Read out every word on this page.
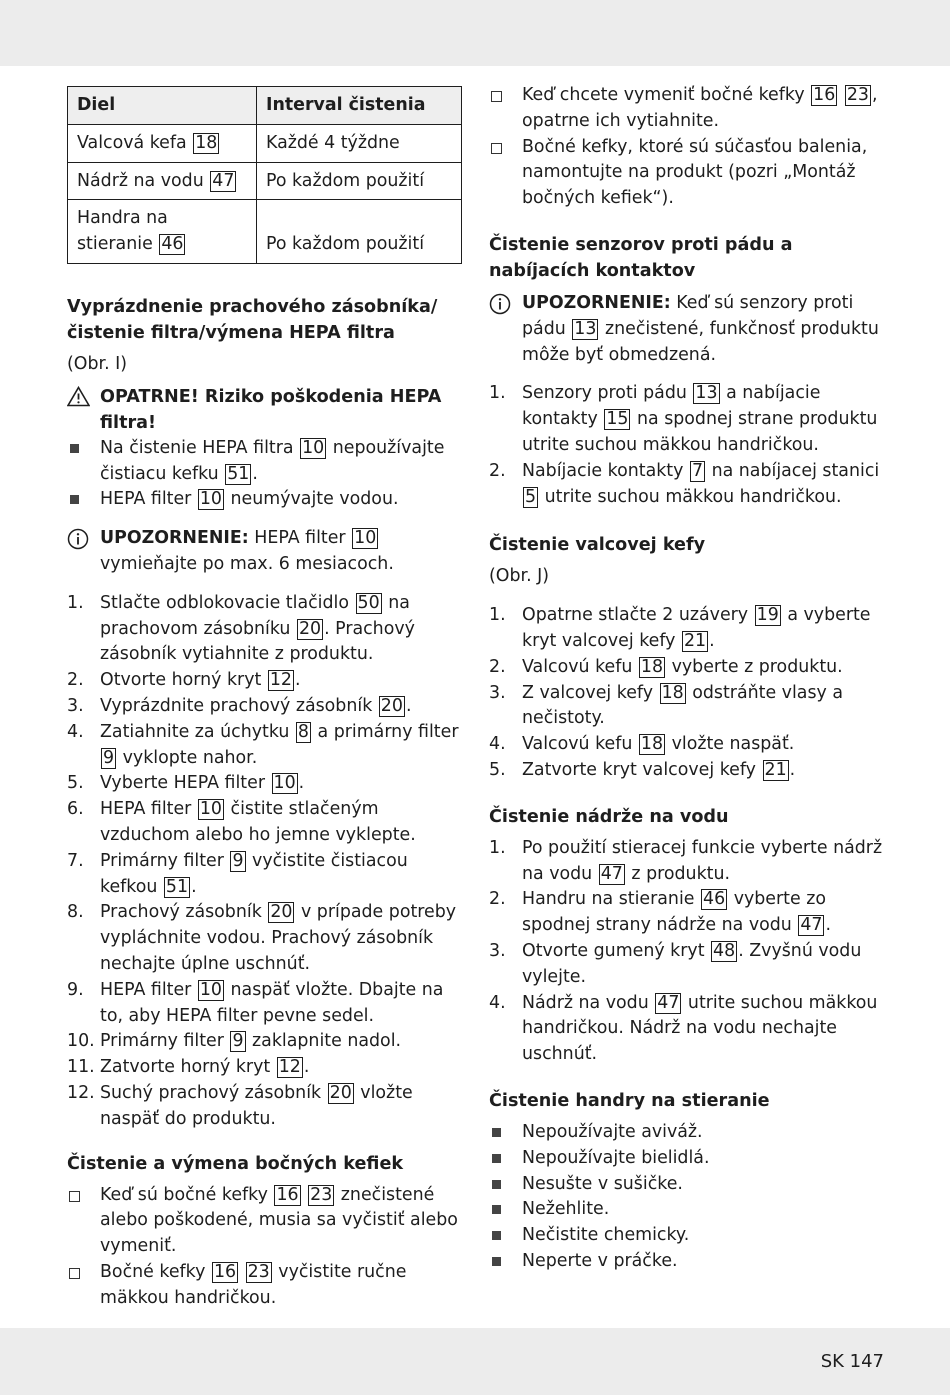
Diel	Interval čistenia
Valcová kefa 18	Každé 4 týždne
Nádrž na vodu 47	Po každom použití
Handra na
stieranie 46	Po každom použití
Vyprázdnenie prachového zásobníka/ čistenie filtra/výmena HEPA filtra

(Obr. I)

OPATRNE! Riziko poškodenia HEPA filtra!
Na čistenie HEPA filtra 10 nepoužívajte čistiacu kefku 51 .
HEPA filter 10 neumývajte vodou.
UPOZORNENIE: HEPA filter 10 vymieňajte po max. 6 mesiacoch.
1. Stlačte odblokovacie tlačidlo 50 na prachovom zásobníku 20 . Prachový zásobník vytiahnite z produktu.
2. Otvorte horný kryt 12 .
3. Vyprázdnite prachový zásobník 20 .
4. Zatiahnite za úchytku 8 a primárny filter 9 vyklopte nahor.
5. Vyberte HEPA filter 10 .
6. HEPA filter 10 čistite stlačeným vzduchom alebo ho jemne vyklepte.
7. Primárny filter 9 vyčistite čistiacou kefkou 51 .
8. Prachový zásobník 20 v prípade potreby vypláchnite vodou. Prachový zásobník nechajte úplne uschnúť.
9. HEPA filter 10 naspäť vložte. Dbajte na to, aby HEPA filter pevne sedel.
10. Primárny filter 9 zaklapnite nadol.
11. Zatvorte horný kryt 12 .
12. Suchý prachový zásobník 20 vložte naspäť do produktu.
Čistenie a výmena bočných kefiek
Keď sú bočné kefky 16 23 znečistené alebo poškodené, musia sa vyčistiť alebo vymeniť.
Bočné kefky 16 23 vyčistite ručne mäkkou handričkou.
Keď chcete vymeniť bočné kefky 16 23 , opatrne ich vytiahnite.
Bočné kefky, ktoré sú súčasťou balenia, namontujte na produkt (pozri „Montáž bočných kefiek“).
Čistenie senzorov proti pádu a nabíjacích kontaktov
UPOZORNENIE: Keď sú senzory proti pádu 13 znečistené, funkčnosť produktu môže byť obmedzená.
1. Senzory proti pádu 13 a nabíjacie kontakty 15 na spodnej strane produktu utrite suchou mäkkou handričkou.
2. Nabíjacie kontakty 7 na nabíjacej stanici 5 utrite suchou mäkkou handričkou.
Čistenie valcovej kefy

(Obr. J)

1. Opatrne stlačte 2 uzávery 19 a vyberte kryt valcovej kefy 21 .
2. Valcovú kefu 18 vyberte z produktu.
3. Z valcovej kefy 18 odstráňte vlasy a nečistoty.
4. Valcovú kefu 18 vložte naspäť.
5. Zatvorte kryt valcovej kefy 21 .
Čistenie nádrže na vodu
1. Po použití stieracej funkcie vyberte nádrž na vodu 47 z produktu.
2. Handru na stieranie 46 vyberte zo spodnej strany nádrže na vodu 47 .
3. Otvorte gumený kryt 48 . Zvyšnú vodu vylejte.
4. Nádrž na vodu 47 utrite suchou mäkkou handričkou. Nádrž na vodu nechajte uschnúť.
Čistenie handry na stieranie
Nepoužívajte aviváž.
Nepoužívajte bielidlá.
Nesušte v sušičke.
Nežehlite.
Nečistite chemicky.
Neperte v práčke.
SK 147
